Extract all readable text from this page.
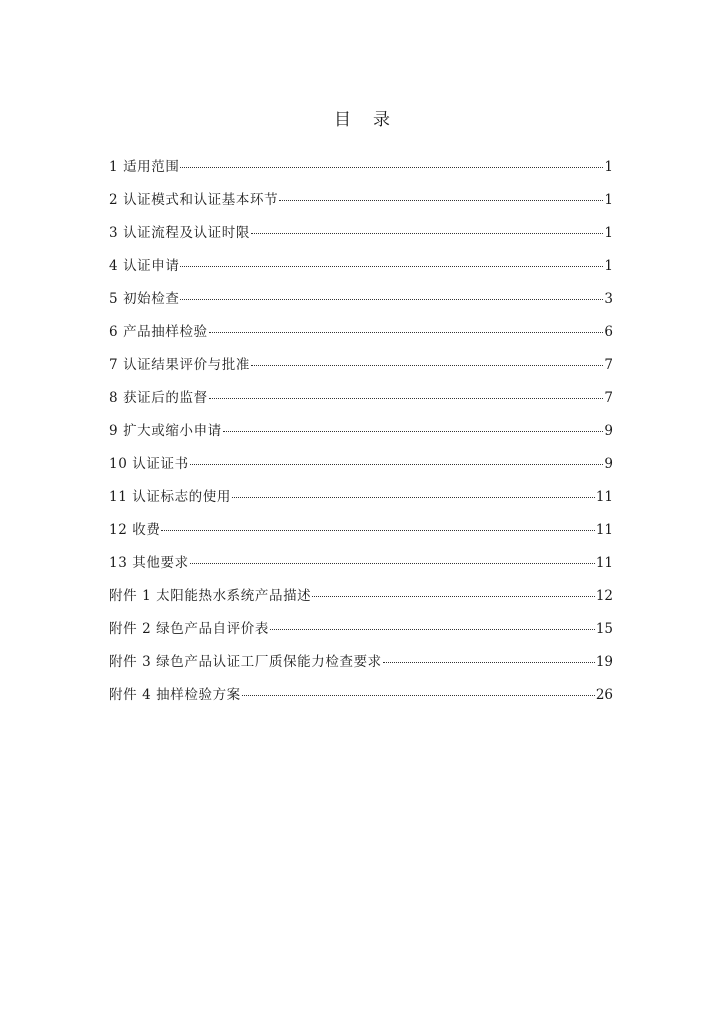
目 录
1 适用范围	1
2 认证模式和认证基本环节	1
3 认证流程及认证时限	1
4 认证申请	1
5 初始检查	3
6 产品抽样检验	6
7 认证结果评价与批准	7
8 获证后的监督	7
9 扩大或缩小申请	9
10 认证证书	9
11 认证标志的使用	11
12 收费	11
13 其他要求	11
附件 1 太阳能热水系统产品描述	12
附件 2 绿色产品自评价表	15
附件 3 绿色产品认证工厂质保能力检查要求	19
附件 4 抽样检验方案	26
